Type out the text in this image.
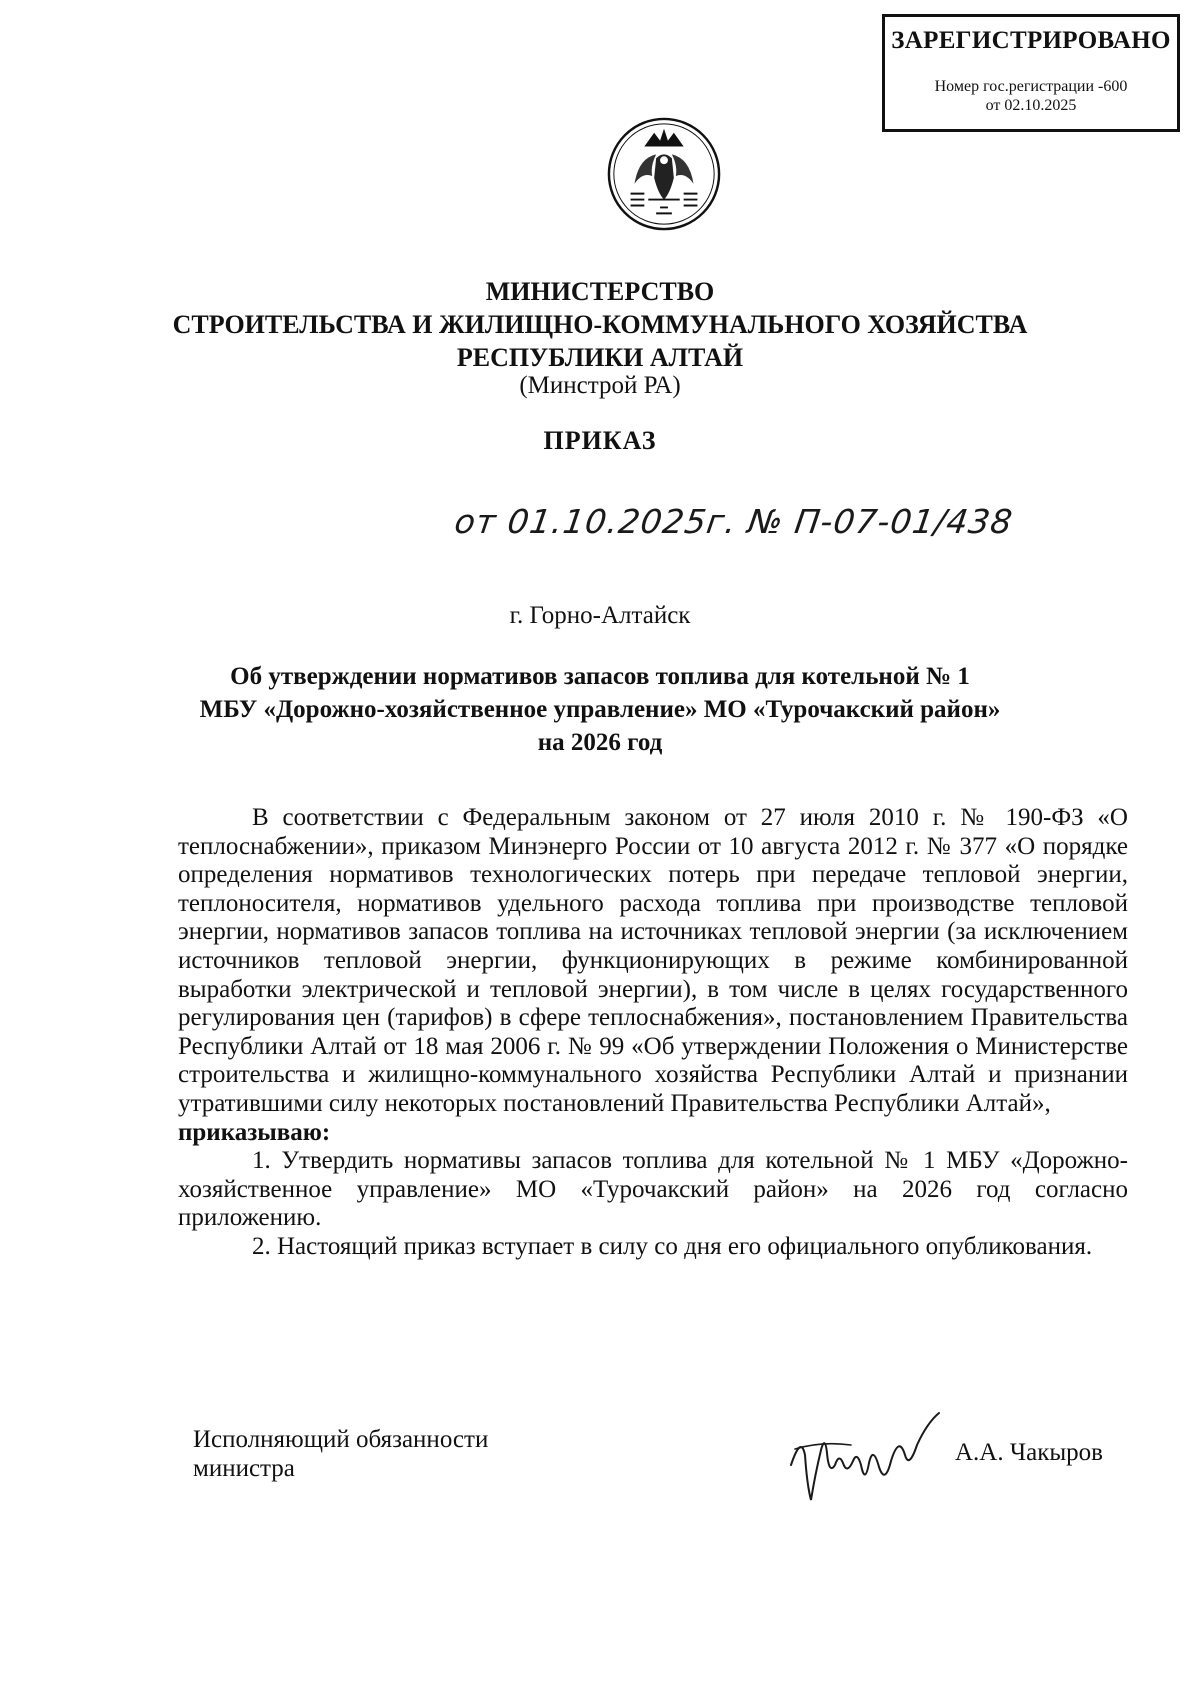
ЗАРЕГИСТРИРОВАНО
Номер гос.регистрации -600
от 02.10.2025
МИНИСТЕРСТВО
СТРОИТЕЛЬСТВА И ЖИЛИЩНО-КОММУНАЛЬНОГО ХОЗЯЙСТВА
РЕСПУБЛИКИ АЛТАЙ
(Минстрой РА)
ПРИКАЗ
от 01.10.2025г. № П-07-01/438
г. Горно-Алтайск
Об утверждении нормативов запасов топлива для котельной № 1
МБУ «Дорожно-хозяйственное управление» МО «Турочакский район»
на 2026 год

В соответствии с Федеральным законом от 27 июля 2010 г. № 190-ФЗ «О теплоснабжении», приказом Минэнерго России от 10 августа 2012 г. № 377 «О порядке определения нормативов технологических потерь при передаче тепловой энергии, теплоносителя, нормативов удельного расхода топлива при производстве тепловой энергии, нормативов запасов топлива на источниках тепловой энергии (за исключением источников тепловой энергии, функционирующих в режиме комбинированной выработки электрической и тепловой энергии), в том числе в целях государственного регулирования цен (тарифов) в сфере теплоснабжения», постановлением Правительства Республики Алтай от 18 мая 2006 г. № 99 «Об утверждении Положения о Министерстве строительства и жилищно-коммунального хозяйства Республики Алтай и признании утратившими силу некоторых постановлений Правительства Республики Алтай»,

приказываю:

1. Утвердить нормативы запасов топлива для котельной № 1 МБУ «Дорожно-хозяйственное управление» МО «Турочакский район» на 2026 год согласно приложению.

2. Настоящий приказ вступает в силу со дня его официального опубликования.

Исполняющий обязанности
министра
А.А. Чакыров
